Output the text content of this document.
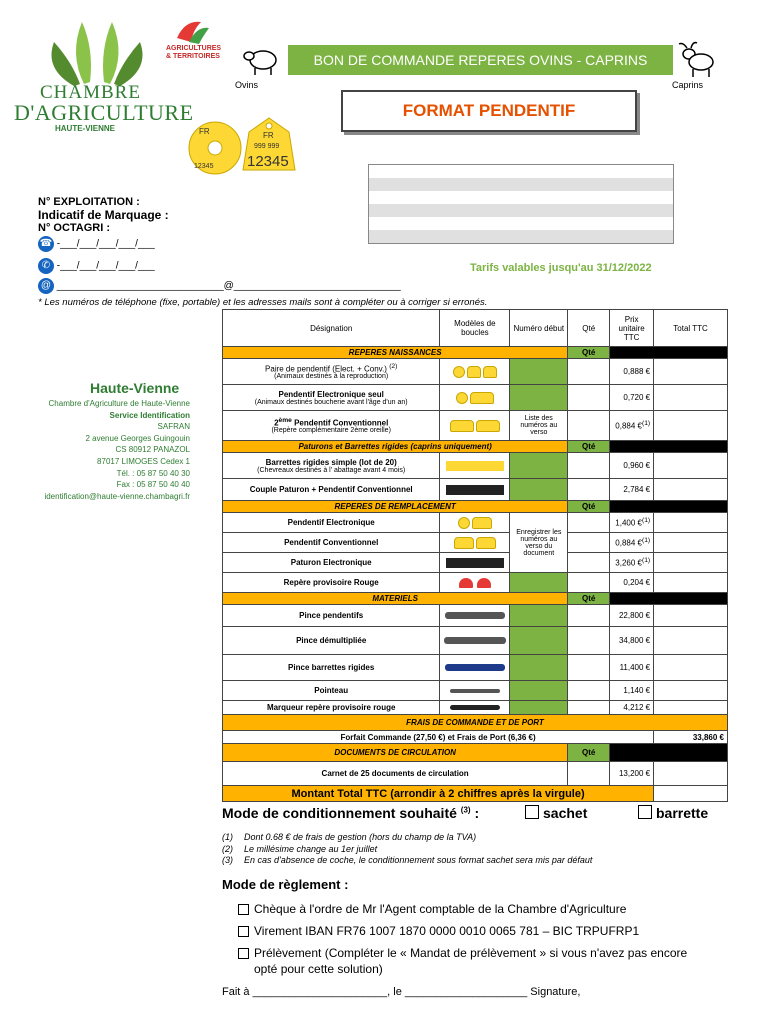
CHAMBRE
D'AGRICULTURE
HAUTE-VIENNE
AGRICULTURES
& TERRITOIRES	BON DE COMMANDE REPERES OVINS - CAPRINS
Ovins	Caprins
FORMAT PENDENTIF
FR
12345
FR
999 999
12345
N° EXPLOITATION :
Indicatif de Marquage :
N° OCTAGRI :
☎ -___/___/___/___/___
✆ -___/___/___/___/___
@ ______________________________@______________________________
Tarifs valables jusqu'au 31/12/2022
* Les numéros de téléphone (fixe, portable) et les adresses mails sont à compléter ou à corriger si erronés.
Haute-Vienne
Chambre d'Agriculture de Haute-Vienne
Service Identification
SAFRAN
2 avenue Georges Guingouin
CS 80912 PANAZOL
87017 LIMOGES Cedex 1
Tél. : 05 87 50 40 30
Fax : 05 87 50 40 40
identification@haute-vienne.chambagri.fr
Désignation	Modèles de boucles	Numéro début	Qté	Prix unitaire TTC	Total TTC
REPERES NAISSANCES			Qté		

Paire de pendentif (Elect. + Conv.) $^{(2)}$
(Animaux destinés à la reproduction)				0,888 €	

Pendentif Electronique seul
(Animaux destinés boucherie avant l'âge d'un an)				0,720 €	

2ème Pendentif Conventionnel
(Repère complémentaire 2ème oreille)		Liste des numéros au verso		0,884 €$^{(1)}$	
Paturons et Barrettes rigides (caprins uniquement)			Qté		

Barrettes rigides simple (lot de 20)
(Chevreaux destinés à l' abattage avant 4 mois)				0,960 €	
Couple Paturon + Pendentif Conventionnel				2,784 €	
REPERES DE REMPLACEMENT			Qté		
Pendentif Electronique		Enregistrer les numéros au verso du document		1,400 €$^{(1)}$	
Pendentif Conventionnel				0,884 €$^{(1)}$	
Paturon Electronique				3,260 €$^{(1)}$	
Repère provisoire Rouge				0,204 €	
MATERIELS			Qté		
Pince pendentifs				22,800 €	
Pince démultipliée				34,800 €	
Pince barrettes rigides				11,400 €	
Pointeau				1,140 €	
Marqueur repère provisoire rouge				4,212 €	
FRAIS DE COMMANDE ET DE PORT					
Forfait Commande (27,50 €) et Frais de Port (6,36 €)					33,860 €
DOCUMENTS DE CIRCULATION			Qté		
Carnet de 25 documents de circulation				13,200 €	
Montant Total TTC (arrondir à 2 chiffres après la virgule)					
Mode de conditionnement souhaité $^{(3)}$ :	sachet	barrette
(1) Dont 0.68 € de frais de gestion (hors du champ de la TVA)
(2) Le millésime change au 1er juillet
(3) En cas d'absence de coche, le conditionnement sous format sachet sera mis par défaut
Mode de règlement :
Chèque à l'ordre de Mr l'Agent comptable de la Chambre d'Agriculture
Virement IBAN FR76 1007 1870 0000 0010 0065 781 – BIC TRPUFRP1
Prélèvement (Compléter le « Mandat de prélèvement » si vous n'avez pas encore
opté pour cette solution)
Fait à ______________________, le ____________________ Signature,
